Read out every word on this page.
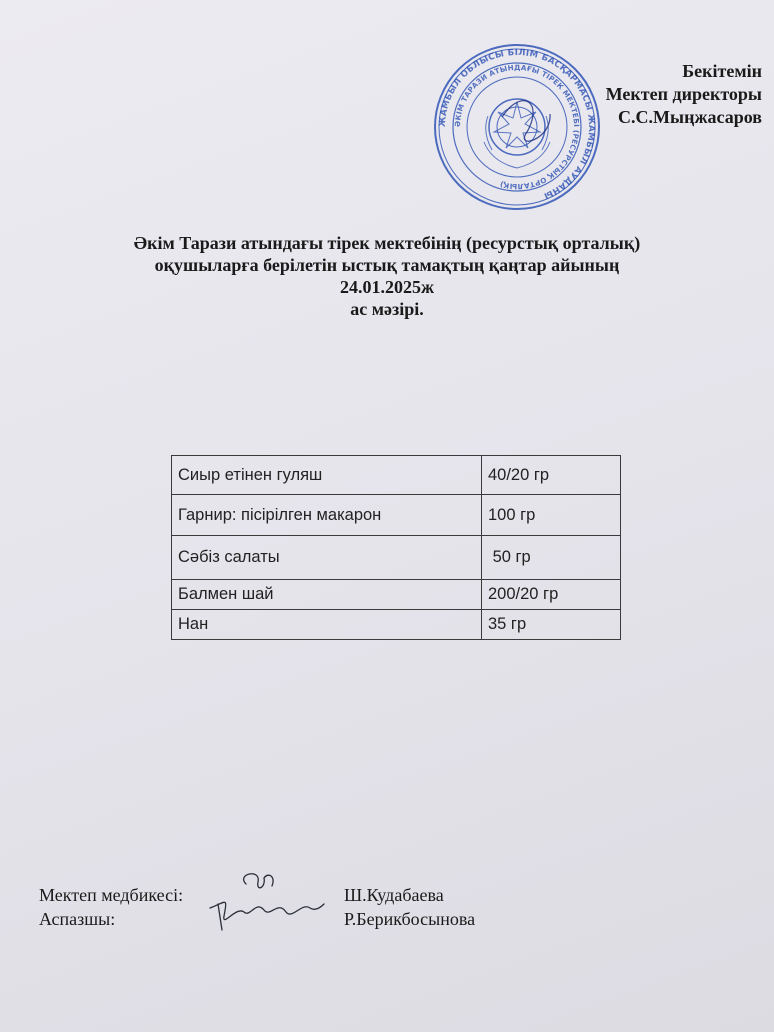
ЖАМБЫЛ ОБЛЫСЫ БІЛІМ БАСҚАРМАСЫ ЖАМБЫЛ АУДАНЫ
ӘКІМ ТАРАЗИ АТЫНДАҒЫ ТІРЕК МЕКТЕБІ (РЕСУРСТЫҚ ОРТАЛЫҚ)
Бекітемін
Мектеп директоры
С.С.Мыңжасаров
Әкім Тарази атындағы тірек мектебінің (ресурстық орталық)
оқушыларға берілетін ыстық тамақтың қаңтар айының
24.01.2025ж
ас мәзірі.
Сиыр етінен гуляш	40/20 гр
Гарнир: пісірілген макарон	100 гр
Сәбіз салаты	50 гр
Балмен шай	200/20 гр
Нан	35 гр
Мектеп медбикесі:	Ш.Кудабаева
Аспазшы:	Р.Берикбосынова
